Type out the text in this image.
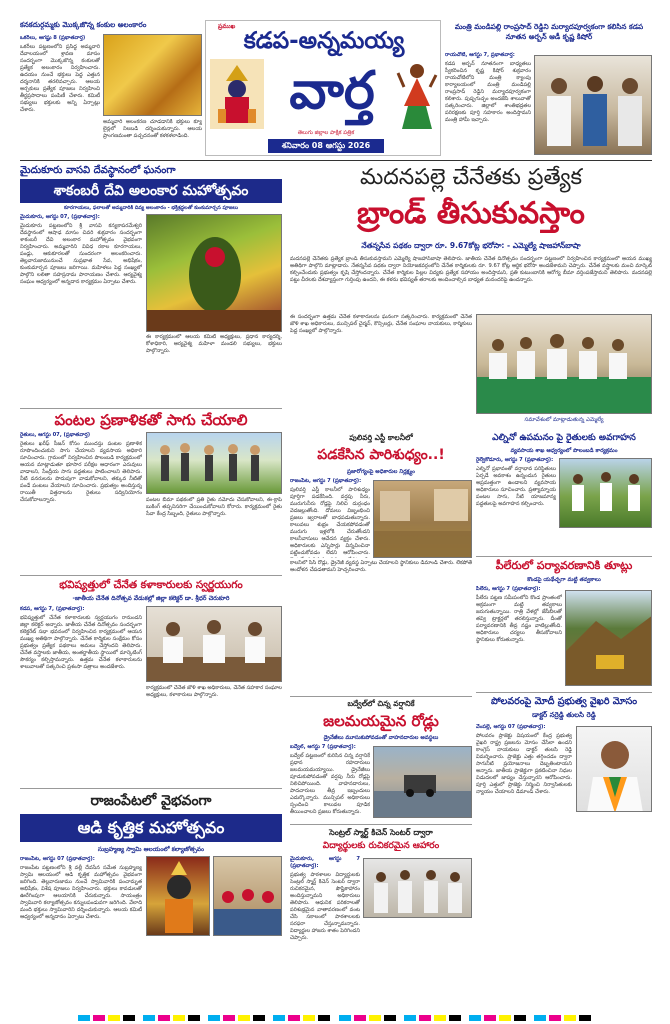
ప్రముఖ
కడప-అన్నమయ్య
వార్త
తెలుగు జిల్లాల పాక్షిక పత్రిక
శనివారం 08 ఆగస్టు 2026
కనకదుర్గమ్మకు మొక్కజొన్న కంకుల అలంకారం

ఒకరీలు, ఆగష్టు 8 (ప్రభాతవార్త)

ఒకరీలు పట్టణంలోని ప్రసిద్ధ అమ్మవారి దేవాలయంలో శ్రావణ మాసం సందర్భంగా మొక్కజొన్న కంకులతో ప్రత్యేక అలంకారం నిర్వహించారు. ఉదయం నుంచే భక్తులు పెద్ద ఎత్తున దర్శనానికి తరలివచ్చారు. ఆలయ అర్చకులు ప్రత్యేక పూజలు నిర్వహించి తీర్థప్రసాదాలు పంపిణీ చేశారు. కమిటీ సభ్యులు భక్తులకు అన్ని ఏర్పాట్లు చేశారు.

అమ్మవారి అలంకరణ చూడడానికి భక్తులు క్యూ లైన్లలో నిలబడి దర్శించుకున్నారు. ఆలయ ప్రాంగణమంతా పచ్చదనంతో కళకళలాడింది.
మంత్రి మండిపల్లి రాంప్రసాద్ రెడ్డిని మర్యాదపూర్వకంగా కలిసిన కడప నూతన అర్బన్ ఆడీ కృష్ణ కిషోర్

రాయచోటి, ఆగస్టు 7, ప్రభాతవార్త:

కడప అర్బన్ నూతనంగా బాధ్యతలు స్వీకరించిన కృష్ణ కిషోర్ శుక్రవారం రాయచోటిలోని మంత్రి క్యాంపు కార్యాలయంలో మంత్రి మండిపల్లి రాంప్రసాద్ రెడ్డిని మర్యాదపూర్వకంగా కలిశారు. పుష్పగుచ్ఛం అందజేసి శాలువాతో సత్కరించారు. జిల్లాలో శాంతిభద్రతల పరిరక్షణకు పూర్తి సహకారం అందిస్తామని మంత్రి హామీ ఇచ్చారు.

మైదుకూరు వాసవి దేవస్థానంలో ఘనంగా
శాకంబరీ దేవి అలంకార మహోత్సవం
కూరగాయలు, ఫలాలతో అమ్మవారికి దివ్య అలంకారం - భక్తిశ్రద్ధలతో కుంకుమార్చన పూజలు

మైదుకూరు, ఆగస్టు 07, (ప్రభాతవార్త):

మైదుకూరు పట్టణంలోని శ్రీ వాసవి కన్యకాపరమేశ్వరి దేవస్థానంలో ఆషాఢ మాసం చివరి శుక్రవారం సందర్భంగా శాకంబరీ దేవి అలంకార మహోత్సవం వైభవంగా నిర్వహించారు. అమ్మవారిని వివిధ రకాల కూరగాయలు, పండ్లు, ఆకుకూరలతో సుందరంగా అలంకరించారు. తెల్లవారుజామునుంచే సుప్రభాత సేవ, అభిషేకం, కుంకుమార్చన పూజలు జరిగాయి. మహిళలు పెద్ద సంఖ్యలో పాల్గొని లలితా సహస్రనామ పారాయణం చేశారు. ఆర్యవైశ్య సంఘం ఆధ్వర్యంలో అన్నదాన కార్యక్రమం ఏర్పాటు చేశారు.

ఈ కార్యక్రమంలో ఆలయ కమిటీ అధ్యక్షులు, ప్రధాన కార్యదర్శి, కోశాధికారి, ఆర్యవైశ్య మహిళా మండలి సభ్యులు, భక్తులు పాల్గొన్నారు.
పంటల ప్రణాళికతో సాగు చేయాలి

రైతులు, ఆగస్టు 07, (ప్రభాతవార్త)

రైతులు ఖరీఫ్ సీజన్ కోసం ముందస్తు పంటల ప్రణాళిక రూపొందించుకుని సాగు చేయాలని వ్యవసాయ అధికారి సూచించారు. గ్రామంలో నిర్వహించిన పొలంబడి కార్యక్రమంలో ఆయన మాట్లాడుతూ భూసార పరీక్షల ఆధారంగా ఎరువులు వాడాలని, సేంద్రీయ సాగు పద్ధతులు పాటించాలని తెలిపారు. నీటి వనరులను పొదుపుగా వాడుకోవాలని, తక్కువ నీటితో పండే పంటలు వేయాలని సూచించారు. ప్రభుత్వం అందిస్తున్న రాయితీ విత్తనాలను రైతులు సద్వినియోగం చేసుకోవాలన్నారు.	పంటల బీమా పథకంలో ప్రతి రైతు నమోదు చేసుకోవాలని, ఈ-క్రాప్ బుకింగ్ తప్పనిసరిగా చేయించుకోవాలని కోరారు. కార్యక్రమంలో రైతు సేవా కేంద్ర సిబ్బంది, రైతులు పాల్గొన్నారు.
భవిష్యత్తులో చేనేత కళాకారులకు స్వర్ణయుగం
-జాతీయ చేనేత దినోత్సవ వేడుకల్లో జిల్లా కలెక్టర్ డా. శ్రీధర్ చెరుకూరి

కడప, ఆగస్టు 7, (ప్రభాతవార్త):

భవిష్యత్తులో చేనేత కళాకారులకు స్వర్ణయుగం రానుందని జిల్లా కలెక్టర్ అన్నారు. జాతీయ చేనేత దినోత్సవం సందర్భంగా కలెక్టరేట్ సభా భవనంలో నిర్వహించిన కార్యక్రమంలో ఆయన ముఖ్య అతిథిగా పాల్గొన్నారు. చేనేత కార్మికుల సంక్షేమం కోసం ప్రభుత్వం ప్రత్యేక పథకాలు అమలు చేస్తోందని తెలిపారు. చేనేత వస్త్రాలకు జాతీయ, అంతర్జాతీయ స్థాయిలో మార్కెటింగ్ సౌకర్యం కల్పిస్తామన్నారు. ఉత్తమ చేనేత కళాకారులను శాలువాలతో సత్కరించి ప్రశంసా పత్రాలు అందజేశారు.

కార్యక్రమంలో చేనేత జౌళి శాఖ అధికారులు, చేనేత సహకార సంఘాల అధ్యక్షులు, కళాకారులు పాల్గొన్నారు.
రాజంపేటలో వైభవంగా
ఆడి కృత్తిక మహోత్సవం
సుబ్రహ్మణ్య స్వామి ఆలయంలో కల్యాణోత్సవం

రాజంపేట, ఆగస్టు 07 (ప్రభాతవార్త):

రాజంపేట పట్టణంలోని శ్రీ వల్లీ దేవసేన సమేత సుబ్రహ్మణ్య స్వామి ఆలయంలో ఆడి కృత్తిక మహోత్సవం వైభవంగా జరిగింది. తెల్లవారుజాము నుంచే స్వామివారికి పంచామృత అభిషేకం, విశేష పూజలు నిర్వహించారు. భక్తులు కావడులతో ఊరేగింపుగా ఆలయానికి చేరుకున్నారు. సాయంత్రం స్వామివారి కల్యాణోత్సవం కన్నులపండువగా జరిగింది. వేలాది మంది భక్తులు స్వామివారిని దర్శించుకున్నారు. ఆలయ కమిటీ ఆధ్వర్యంలో అన్నదానం ఏర్పాటు చేశారు.

మదనపల్లె చేనేతకు ప్రత్యేక
బ్రాండ్ తీసుకువస్తాం
నేతన్నసేవ పథకం ద్వారా రూ. 9.67కోట్ల భరోసా: - ఎమ్మెల్యే షాజహాన్‌బాషా
మదనపల్లె చేనేతకు ప్రత్యేక బ్రాండ్ తీసుకువస్తామని ఎమ్మెల్యే షాజహాన్‌బాషా తెలిపారు. జాతీయ చేనేత దినోత్సవం సందర్భంగా పట్టణంలో నిర్వహించిన కార్యక్రమంలో ఆయన ముఖ్య అతిథిగా పాల్గొని మాట్లాడారు. నేతన్నసేవ పథకం ద్వారా నియోజకవర్గంలోని చేనేత కార్మికులకు రూ. 9.67 కోట్ల ఆర్థిక భరోసా అందజేశామని చెప్పారు. చేనేత వస్త్రాలకు మంచి మార్కెట్ కల్పించేందుకు ప్రభుత్వం కృషి చేస్తోందన్నారు. చేనేత కార్మికుల పిల్లల విద్యకు ప్రత్యేక సహాయం అందిస్తామని, ప్రతి కుటుంబానికి ఆరోగ్య బీమా వర్తింపజేస్తామని తెలిపారు. మదనపల్లె పట్టు చీరలకు దేశవ్యాప్తంగా గుర్తింపు ఉందని, ఈ కళను భవిష్యత్ తరాలకు అందించాల్సిన బాధ్యత మనందరిపై ఉందన్నారు.

ఈ సందర్భంగా ఉత్తమ చేనేత కళాకారులను ఘనంగా సత్కరించారు. కార్యక్రమంలో చేనేత జౌళి శాఖ అధికారులు, మున్సిపల్ చైర్మన్, కౌన్సిలర్లు, చేనేత సంఘాల నాయకులు, కార్మికులు పెద్ద సంఖ్యలో పాల్గొన్నారు.

సమావేశంలో మాట్లాడుతున్న ఎమ్మెల్యే
పులివర్తి ఎస్టీ కాలనీలో
పడకేసిన పారిశుధ్యం..!
ప్రజారోగ్యంపై అధికారుల నిర్లక్ష్యం

రాజంపేట, ఆగస్టు 7 (ప్రభాతవార్త):

పులివర్తి ఎస్టీ కాలనీలో పారిశుధ్యం పూర్తిగా పడకేసింది. వర్షపు నీరు, మురుగునీరు రోడ్లపై నిలిచి దుర్గంధం వెదజల్లుతోంది. దోమలు విజృంభించి ప్రజలు జ్వరాలతో బాధపడుతున్నారు. కాలువలు శుభ్రం చేయకపోవడంతో మురుగు ఇళ్లలోకి చేరుతోందని కాలనీవాసులు ఆవేదన వ్యక్తం చేశారు. అధికారులకు ఎన్నిసార్లు విన్నవించినా పట్టించుకోవడం లేదని ఆరోపించారు.

కాలనీలో సీసీ రోడ్లు, డ్రైనేజీ వ్యవస్థ ఏర్పాటు చేయాలని స్థానికులు డిమాండ్ చేశారు. లేకపోతే ఆందోళన చేపడతామని హెచ్చరించారు.
బద్వేల్‌లో చిన్న వర్షానికే
జలమయమైన రోడ్లు
డ్రైనేజీలు మూసుకుపోవడంతో వాహనదారుల అవస్థలు

బద్వేల్, ఆగస్టు 7 (ప్రభాతవార్త):

బద్వేల్ పట్టణంలో కురిసిన చిన్న వర్షానికే ప్రధాన రహదారులు జలమయమయ్యాయి. డ్రైనేజీలు పూడుకుపోవడంతో వర్షపు నీరు రోడ్లపై నిలిచిపోయింది. వాహనదారులు, పాదచారులు తీవ్ర ఇబ్బందులు ఎదుర్కొన్నారు. మున్సిపల్ అధికారులు స్పందించి కాలువల పూడిక తీయించాలని ప్రజలు కోరుతున్నారు.

సెంట్రల్ స్మార్ట్ కిచెన్ సెంటర్ ద్వారా
విద్యార్థులకు రుచికరమైన ఆహారం

మైదుకూరు, ఆగస్టు 7 (ప్రభాతవార్త):

ప్రభుత్వ పాఠశాలల విద్యార్థులకు సెంట్రల్ స్మార్ట్ కిచెన్ సెంటర్ ద్వారా రుచికరమైన, పౌష్టికాహారం అందిస్తున్నామని అధికారులు తెలిపారు. ఆధునిక పరికరాలతో పరిశుభ్రమైన వాతావరణంలో వంట చేసి సకాలంలో పాఠశాలలకు సరఫరా చేస్తున్నామన్నారు. విద్యార్థుల హాజరు శాతం పెరిగిందని చెప్పారు.

ఎల్నినో ఉపమనం పై రైతులకు అవగాహన
వ్యవసాయ శాఖ ఆధ్వర్యంలో పొలంబడి కార్యక్రమం

రైల్వేకోడూరు, ఆగస్టు 7 (ప్రభాతవార్త):

ఎల్నినో ప్రభావంతో వర్షాభావ పరిస్థితులు ఏర్పడే అవకాశం ఉన్నందున రైతులు అప్రమత్తంగా ఉండాలని వ్యవసాయ అధికారులు సూచించారు. ప్రత్యామ్నాయ పంటల సాగు, నీటి యాజమాన్య పద్ధతులపై అవగాహన కల్పించారు.

పీలేరులో పర్యావరణానికి తూట్లు
కొండపై యథేచ్ఛగా మట్టి తవ్వకాలు

పీలేరు, ఆగస్టు 7 (ప్రభాతవార్త):

పీలేరు పట్టణ సమీపంలోని కొండ ప్రాంతంలో అక్రమంగా మట్టి తవ్వకాలు జరుగుతున్నాయి. రాత్రి వేళల్లో జేసీబీలతో తవ్వి ట్రాక్టర్లలో తరలిస్తున్నారు. దీంతో పర్యావరణానికి తీవ్ర నష్టం వాటిల్లుతోంది. అధికారులు చర్యలు తీసుకోవాలని స్థానికులు కోరుతున్నారు.

పోలవరంపై మోదీ ప్రభుత్వ వైఖరి మోసం
డాక్టర్ నర్రెడ్డి తులసి రెడ్డి

వేంపల్లె, ఆగస్టు 07 (ప్రభాతవార్త):

పోలవరం ప్రాజెక్టు విషయంలో కేంద్ర ప్రభుత్వ వైఖరి రాష్ట్ర ప్రజలను మోసం చేసేలా ఉందని కాంగ్రెస్ నాయకులు డాక్టర్ తులసి రెడ్డి విమర్శించారు. ప్రాజెక్టు ఎత్తు తగ్గించడం ద్వారా సాగునీటి ప్రయోజనాలు దెబ్బతింటాయని అన్నారు. జాతీయ ప్రాజెక్టుగా ప్రకటించినా నిధుల విడుదలలో జాప్యం చేస్తున్నారని ఆరోపించారు. పూర్తి ఎత్తులో ప్రాజెక్టు నిర్మించి నిర్వాసితులకు న్యాయం చేయాలని డిమాండ్ చేశారు.
